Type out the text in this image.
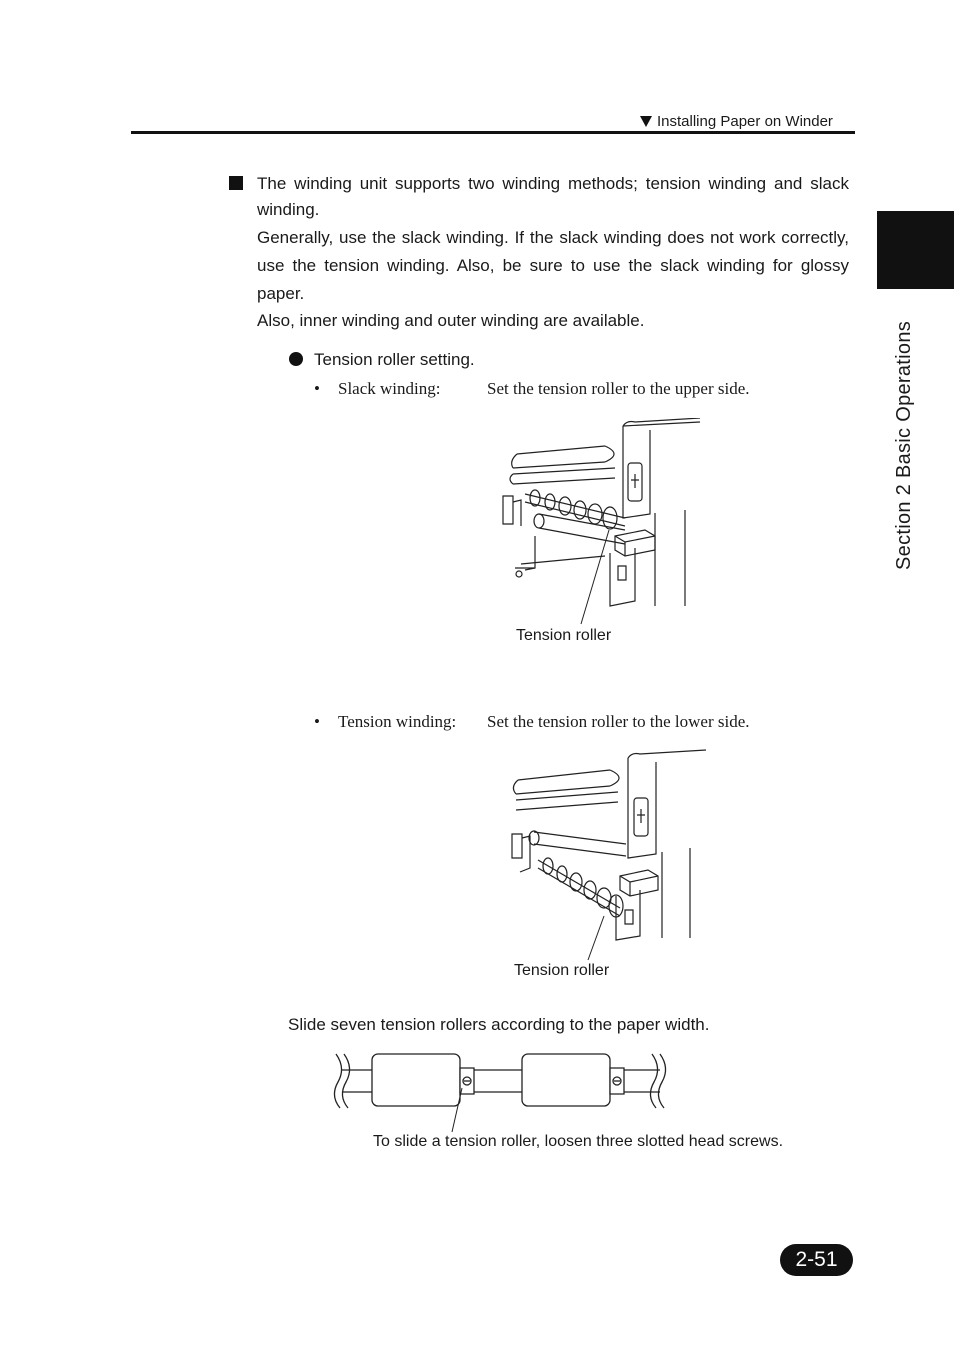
Installing Paper on Winder
Section 2 Basic Operations
The winding unit supports two winding methods; tension winding and slack winding.
Generally, use the slack winding. If the slack winding does not work correctly, use the tension winding. Also, be sure to use the slack winding for glossy paper.
Also, inner winding and outer winding are available.
Tension roller setting.
• Slack winding:	Set the tension roller to the upper side.
Tension roller
• Tension winding: Set the tension roller to the lower side.
Tension roller
Slide seven tension rollers according to the paper width.
To slide a tension roller, loosen three slotted head screws.
2-51
